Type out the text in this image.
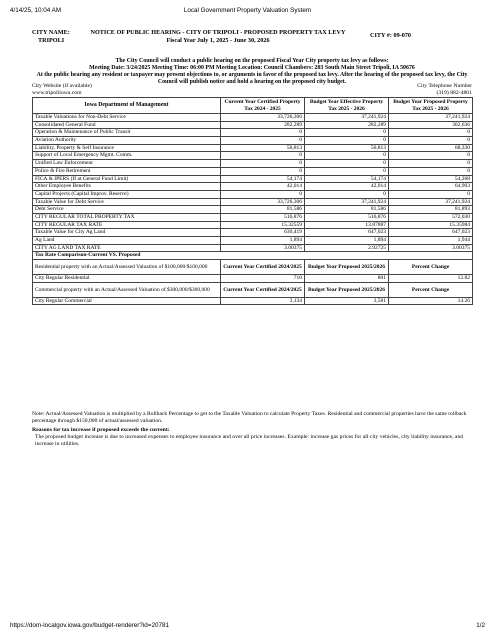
4/14/25, 10:04 AM	Local Government Property Valuation System
CITY NAME:
TRIPOLI
NOTICE OF PUBLIC HEARING - CITY OF TRIPOLI - PROPOSED PROPERTY TAX LEVY
Fiscal Year July 1, 2025 - June 30, 2026
CITY #: 09-070
The City Council will conduct a public hearing on the proposed Fiscal Year City property tax levy as follows:
Meeting Date: 3/24/2025 Meeting Time: 06:00 PM Meeting Location: Council Chambers: 203 South Main Street Tripoli, IA 50676
At the public hearing any resident or taxpayer may present objections to, or arguments in favor of the proposed tax levy. After the hearing of the proposed tax levy, the City Council will publish notice and hold a hearing on the proposed city budget.
City Website (if available)
www.tripoliiowa.com
City Telephone Number
(319) 882-4801
Iowa Department of Management	Current Year Certified Property Tax 2024 - 2025	Budget Year Effective Property Tax 2025 - 2026	Budget Year Proposed Property Tax 2025 - 2026
Taxable Valuations for Non-Debt Service	33,726,306	37,241,924	37,241,924
Consolidated General Fund	282,289	282,289	302,636
Operation & Maintenance of Public Transit	0	0	0
Aviation Authority	0	0	0
Liability, Property & Self Insurance	56,813	56,813	68,330
Support of Local Emergency Mgmt. Comm.	0	0	0
Unified Law Enforcement	0	0	0
Police & Fire Retirement	0	0	0
FICA & IPERS (If at General Fund Limit)	54,174	54,174	54,268
Other Employee Benefits	42,014	42,014	64,903
Capital Projects (Capital Improv. Reserve)	0	0	0
Taxable Value for Debt Service	33,726,306	37,241,924	37,241,924
Debt Service	81,586	81,586	81,893
CITY REGULAR TOTAL PROPERTY TAX	516,876	516,876	572,030
CITY REGULAR TAX RATE	15.32559	13.87887	15.35984
Taxable Value for City Ag Land	630,419	647,023	647,023
Ag Land	1,894	1,894	1,944
CITY AG LAND TAX RATE	3.00375	2.92725	3.00375
Tax Rate Comparison-Current VS. Proposed			
Residential property with an Actual/Assessed Valuation of $100,000/$100,000	Current Year Certified 2024/2025	Budget Year Proposed 2025/2026	Percent Change
City Regular Residential	710	801	12.82
Commercial property with an Actual/Assessed Valuation of $300,000/$300,000	Current Year Certified 2024/2025	Budget Year Proposed 2025/2026	Percent Change
City Regular Commercial	3,134	3,581	14.26
Note: Actual/Assessed Valuation is multiplied by a Rollback Percentage to get to the Taxable Valuation to calculate Property Taxes. Residential and commercial properties have the same rollback percentage through $150,000 of actual/assessed valuation.
Reasons for tax increase if proposed exceeds the current:
The proposed budget increase is due to increased expenses to employee insurance and over all price increases. Example: increase gas prices for all city vehicles, city liability insurance, and increase in utilities.
https://dom-localgov.iowa.gov/budget-renderer?id=20781	1/2
